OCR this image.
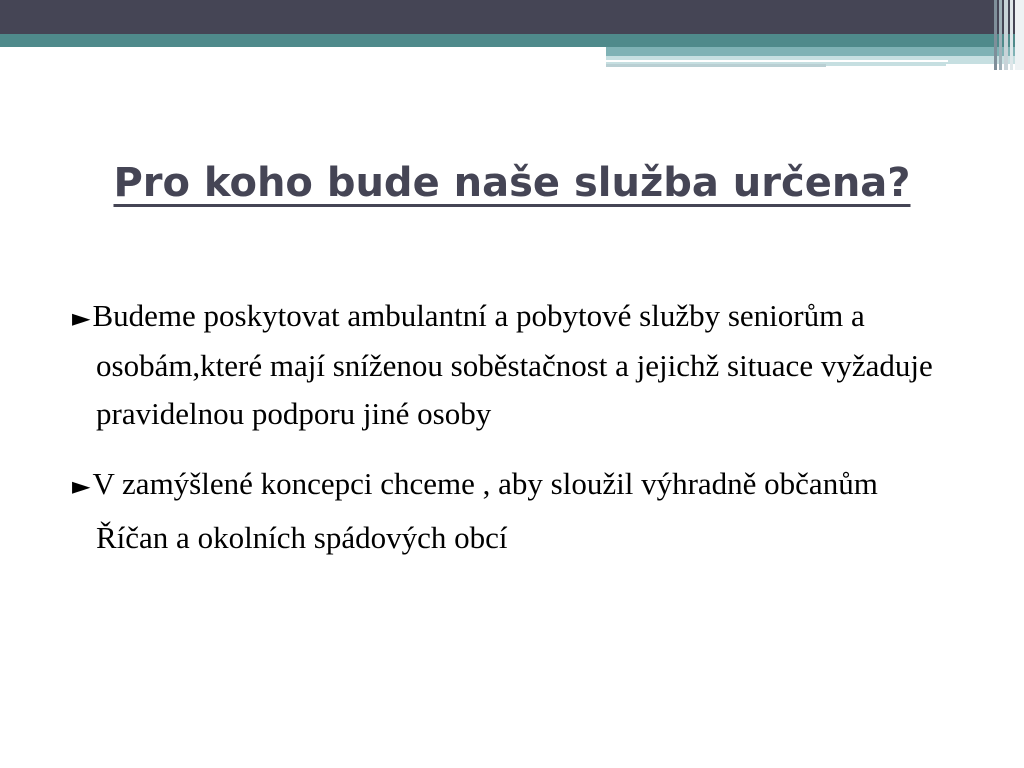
Pro koho bude naše služba určena?
►Budeme poskytovat ambulantní a pobytové služby seniorům a osobám,které mají sníženou soběstačnost a jejichž situace vyžaduje pravidelnou podporu jiné osoby
►V zamýšlené koncepci chceme , aby sloužil výhradně občanům Říčan a okolních spádových obcí
